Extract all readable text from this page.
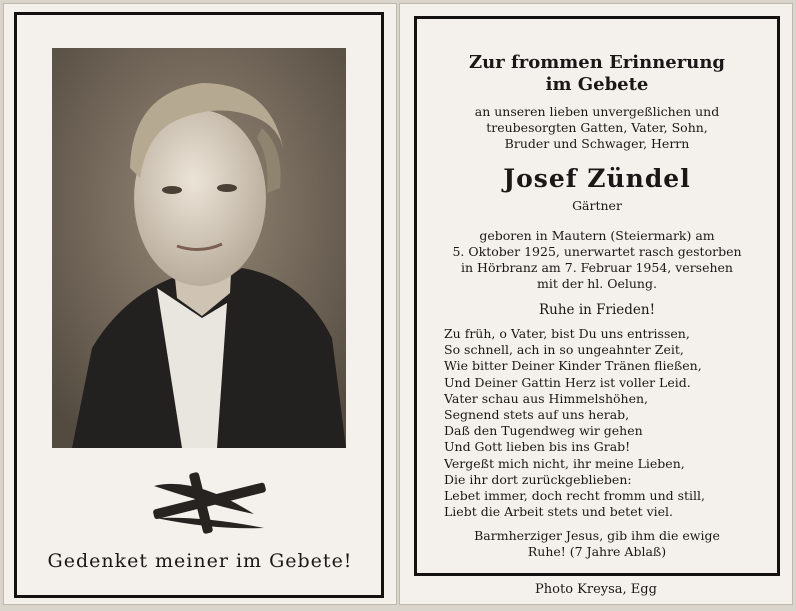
Gedenket meiner im Gebete!
Zur frommen Erinnerung
im Gebete
an unseren lieben unvergeßlichen und
treubesorgten Gatten, Vater, Sohn,
Bruder und Schwager, Herrn
Josef Zündel
Gärtner
geboren in Mautern (Steiermark) am
5. Oktober 1925, unerwartet rasch gestorben
in Hörbranz am 7. Februar 1954, versehen
mit der hl. Oelung.
Ruhe in Frieden!
Zu früh, o Vater, bist Du uns entrissen,
So schnell, ach in so ungeahnter Zeit,
Wie bitter Deiner Kinder Tränen fließen,
Und Deiner Gattin Herz ist voller Leid.
Vater schau aus Himmelshöhen,
Segnend stets auf uns herab,
Daß den Tugendweg wir gehen
Und Gott lieben bis ins Grab!
Vergeßt mich nicht, ihr meine Lieben,
Die ihr dort zurückgeblieben:
Lebet immer, doch recht fromm und still,
Liebt die Arbeit stets und betet viel.
Barmherziger Jesus, gib ihm die ewige
Ruhe! (7 Jahre Ablaß)
Photo Kreysa, Egg
